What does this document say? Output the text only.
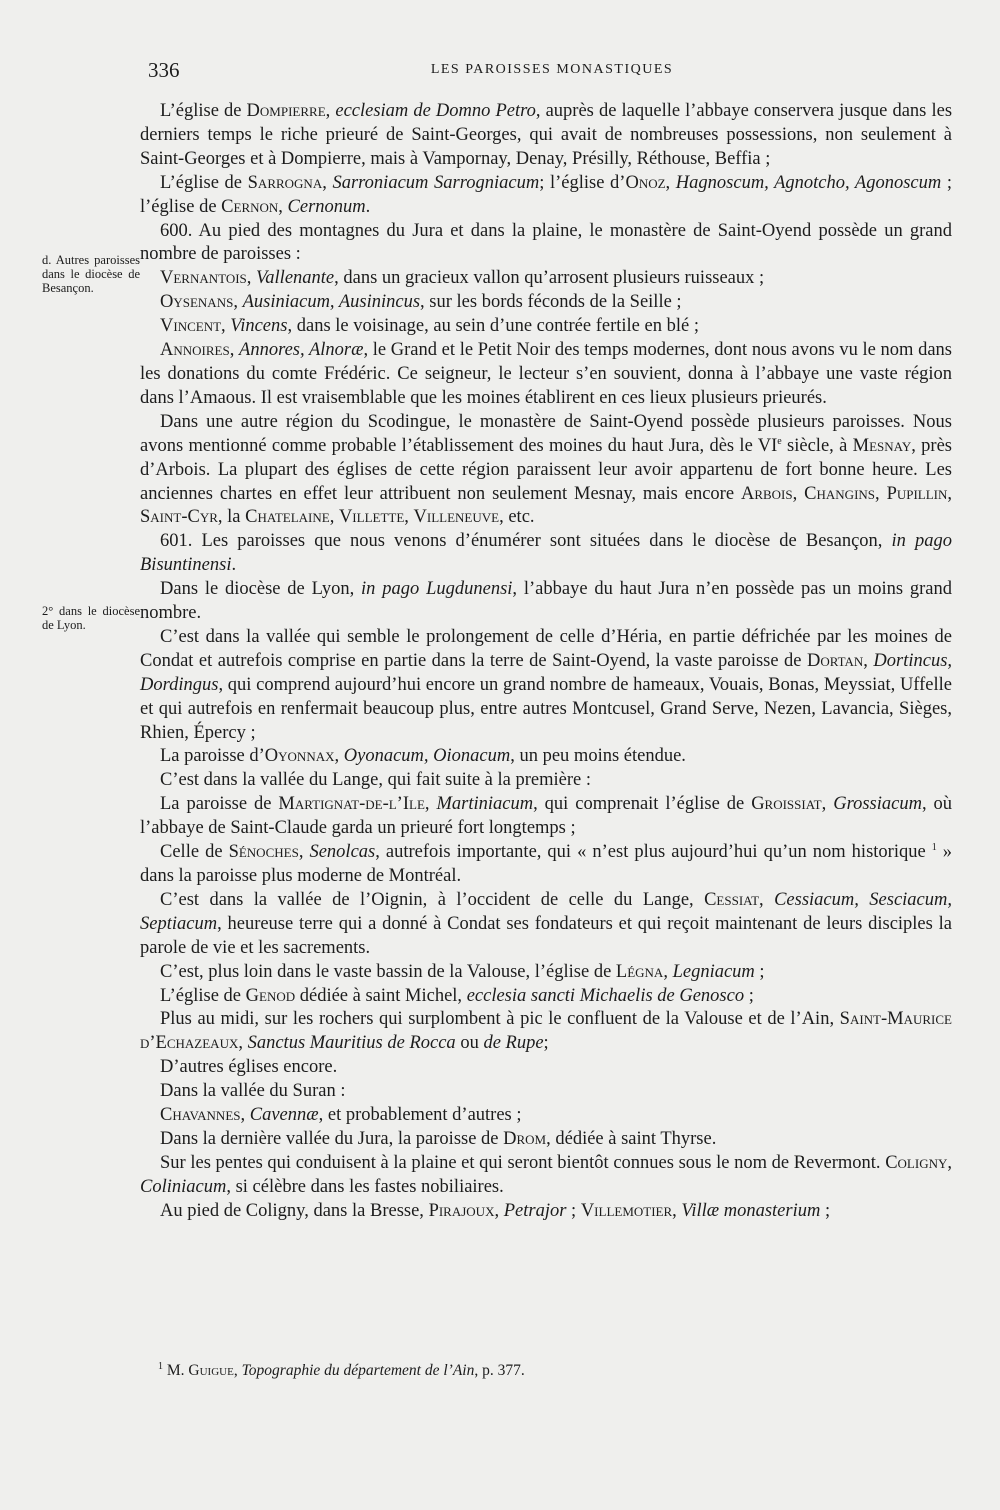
336	LES PAROISSES MONASTIQUES
d. Autres paroisses dans le diocèse de Besançon.
2° dans le diocèse de Lyon.

L’église de Dompierre, ecclesiam de Domno Petro, auprès de laquelle l’abbaye conservera jusque dans les derniers temps le riche prieuré de Saint-Georges, qui avait de nombreuses possessions, non seulement à Saint-Georges et à Dompierre, mais à Vampornay, Denay, Présilly, Réthouse, Beffia ;

L’église de Sarrogna, Sarroniacum Sarrogniacum; l’église d’Onoz, Hagnoscum, Agnotcho, Agonoscum ; l’église de Cernon, Cernonum.

600. Au pied des montagnes du Jura et dans la plaine, le monastère de Saint-Oyend possède un grand nombre de paroisses :

Vernantois, Vallenante, dans un gracieux vallon qu’arrosent plusieurs ruisseaux ;

Oysenans, Ausiniacum, Ausinincus, sur les bords féconds de la Seille ;

Vincent, Vincens, dans le voisinage, au sein d’une contrée fertile en blé ;

Annoires, Annores, Alnoræ, le Grand et le Petit Noir des temps modernes, dont nous avons vu le nom dans les donations du comte Frédéric. Ce seigneur, le lecteur s’en souvient, donna à l’abbaye une vaste région dans l’Amaous. Il est vraisemblable que les moines établirent en ces lieux plusieurs prieurés.

Dans une autre région du Scodingue, le monastère de Saint-Oyend possède plusieurs paroisses. Nous avons mentionné comme probable l’établissement des moines du haut Jura, dès le VIe siècle, à Mesnay, près d’Arbois. La plupart des églises de cette région paraissent leur avoir appartenu de fort bonne heure. Les anciennes chartes en effet leur attribuent non seulement Mesnay, mais encore Arbois, Changins, Pupillin, Saint-Cyr, la Chatelaine, Villette, Villeneuve, etc.

601. Les paroisses que nous venons d’énumérer sont situées dans le diocèse de Besançon, in pago Bisuntinensi.

Dans le diocèse de Lyon, in pago Lugdunensi, l’abbaye du haut Jura n’en possède pas un moins grand nombre.

C’est dans la vallée qui semble le prolongement de celle d’Héria, en partie défrichée par les moines de Condat et autrefois comprise en partie dans la terre de Saint-Oyend, la vaste paroisse de Dortan, Dortincus, Dordingus, qui comprend aujourd’hui encore un grand nombre de hameaux, Vouais, Bonas, Meyssiat, Uffelle et qui autrefois en renfermait beaucoup plus, entre autres Montcusel, Grand Serve, Nezen, Lavancia, Sièges, Rhien, Épercy ;

La paroisse d’Oyonnax, Oyonacum, Oionacum, un peu moins étendue.

C’est dans la vallée du Lange, qui fait suite à la première :

La paroisse de Martignat-de-l’Ile, Martiniacum, qui comprenait l’église de Groissiat, Grossiacum, où l’abbaye de Saint-Claude garda un prieuré fort longtemps ;

Celle de Sénoches, Senolcas, autrefois importante, qui « n’est plus aujourd’hui qu’un nom historique $^1$ » dans la paroisse plus moderne de Montréal.

C’est dans la vallée de l’Oignin, à l’occident de celle du Lange, Cessiat, Cessiacum, Sesciacum, Septiacum, heureuse terre qui a donné à Condat ses fondateurs et qui reçoit maintenant de leurs disciples la parole de vie et les sacrements.

C’est, plus loin dans le vaste bassin de la Valouse, l’église de Légna, Legniacum ;

L’église de Genod dédiée à saint Michel, ecclesia sancti Michaelis de Genosco ;

Plus au midi, sur les rochers qui surplombent à pic le confluent de la Valouse et de l’Ain, Saint-Maurice d’Echazeaux, Sanctus Mauritius de Rocca ou de Rupe;

D’autres églises encore.

Dans la vallée du Suran :

Chavannes, Cavennæ, et probablement d’autres ;

Dans la dernière vallée du Jura, la paroisse de Drom, dédiée à saint Thyrse.

Sur les pentes qui conduisent à la plaine et qui seront bientôt connues sous le nom de Revermont. Coligny, Coliniacum, si célèbre dans les fastes nobiliaires.

Au pied de Coligny, dans la Bresse, Pirajoux, Petrajor ; Villemotier, Villæ monasterium ;

$^1$ M. Guigue, Topographie du département de l’Ain, p. 377.
